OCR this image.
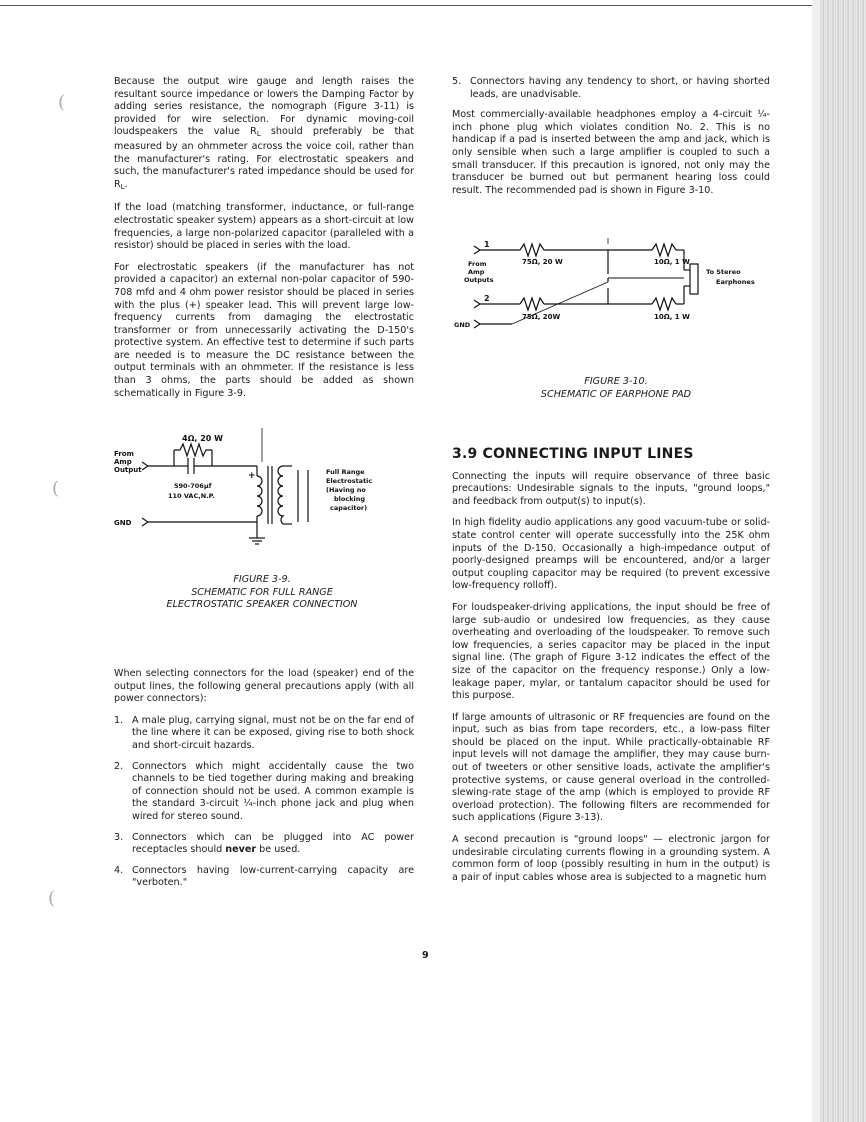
(
(
(

Because the output wire gauge and length raises the resultant source impedance or lowers the Damping Factor by adding series resistance, the nomograph (Figure 3-11) is provided for wire selection. For dynamic moving-coil loudspeakers the value $R_L$ should preferably be that measured by an ohmmeter across the voice coil, rather than the manufacturer's rating. For electrostatic speakers and such, the manufacturer's rated impedance should be used for $R_L$.

If the load (matching transformer, inductance, or full-range electrostatic speaker system) appears as a short-circuit at low frequencies, a large non-polarized capacitor (paralleled with a resistor) should be placed in series with the load.

For electrostatic speakers (if the manufacturer has not provided a capacitor) an external non-polar capacitor of 590-708 mfd and 4 ohm power resistor should be placed in series with the plus (+) speaker lead. This will prevent large low-frequency currents from damaging the electrostatic transformer or from unnecessarily activating the D-150's protective system. An effective test to determine if such parts are needed is to measure the DC resistance between the output terminals with an ohmmeter. If the resistance is less than 3 ohms, the parts should be added as shown schematically in Figure 3-9.

4Ω, 20 W
From
Amp
Output
GND
590-706µf
110 VAC,N.P.
+	Full Range
Electrostatic
(Having no
blocking
capacitor)
FIGURE 3-9.
SCHEMATIC FOR FULL RANGE
ELECTROSTATIC SPEAKER CONNECTION

When selecting connectors for the load (speaker) end of the output lines, the following general precautions apply (with all power connectors):

1. A male plug, carrying signal, must not be on the far end of the line where it can be exposed, giving rise to both shock and short-circuit hazards.
2. Connectors which might accidentally cause the two channels to be tied together during making and breaking of connection should not be used. A common example is the standard 3-circuit ¼-inch phone jack and plug when wired for stereo sound.
3. Connectors which can be plugged into AC power receptacles should never be used.
4. Connectors having low-current-carrying capacity are "verboten."
5. Connectors having any tendency to short, or having shorted leads, are unadvisable.

Most commercially-available headphones employ a 4-circuit ¼-inch phone plug which violates condition No. 2. This is no handicap if a pad is inserted between the amp and jack, which is only sensible when such a large amplifier is coupled to such a small transducer. If this precaution is ignored, not only may the transducer be burned out but permanent hearing loss could result. The recommended pad is shown in Figure 3-10.

1
2
From
Amp
Outputs
GND
75Ω, 20 W	10Ω, 1 W
75Ω, 20W	10Ω, 1 W
To Stereo
Earphones
FIGURE 3-10.
SCHEMATIC OF EARPHONE PAD
3.9 CONNECTING INPUT LINES

Connecting the inputs will require observance of three basic precautions: Undesirable signals to the inputs, "ground loops," and feedback from output(s) to input(s).

In high fidelity audio applications any good vacuum-tube or solid-state control center will operate successfully into the 25K ohm inputs of the D-150. Occasionally a high-impedance output of poorly-designed preamps will be encountered, and/or a larger output coupling capacitor may be required (to prevent excessive low-frequency rolloff).

For loudspeaker-driving applications, the input should be free of large sub-audio or undesired low frequencies, as they cause overheating and overloading of the loudspeaker. To remove such low frequencies, a series capacitor may be placed in the input signal line. (The graph of Figure 3-12 indicates the effect of the size of the capacitor on the frequency response.) Only a low-leakage paper, mylar, or tantalum capacitor should be used for this purpose.

If large amounts of ultrasonic or RF frequencies are found on the input, such as bias from tape recorders, etc., a low-pass filter should be placed on the input. While practically-obtainable RF input levels will not damage the amplifier, they may cause burn-out of tweeters or other sensitive loads, activate the amplifier's protective systems, or cause general overload in the controlled-slewing-rate stage of the amp (which is employed to provide RF overload protection). The following filters are recommended for such applications (Figure 3-13).

A second precaution is "ground loops" — electronic jargon for undesirable circulating currents flowing in a grounding system. A common form of loop (possibly resulting in hum in the output) is a pair of input cables whose area is subjected to a magnetic hum

9
